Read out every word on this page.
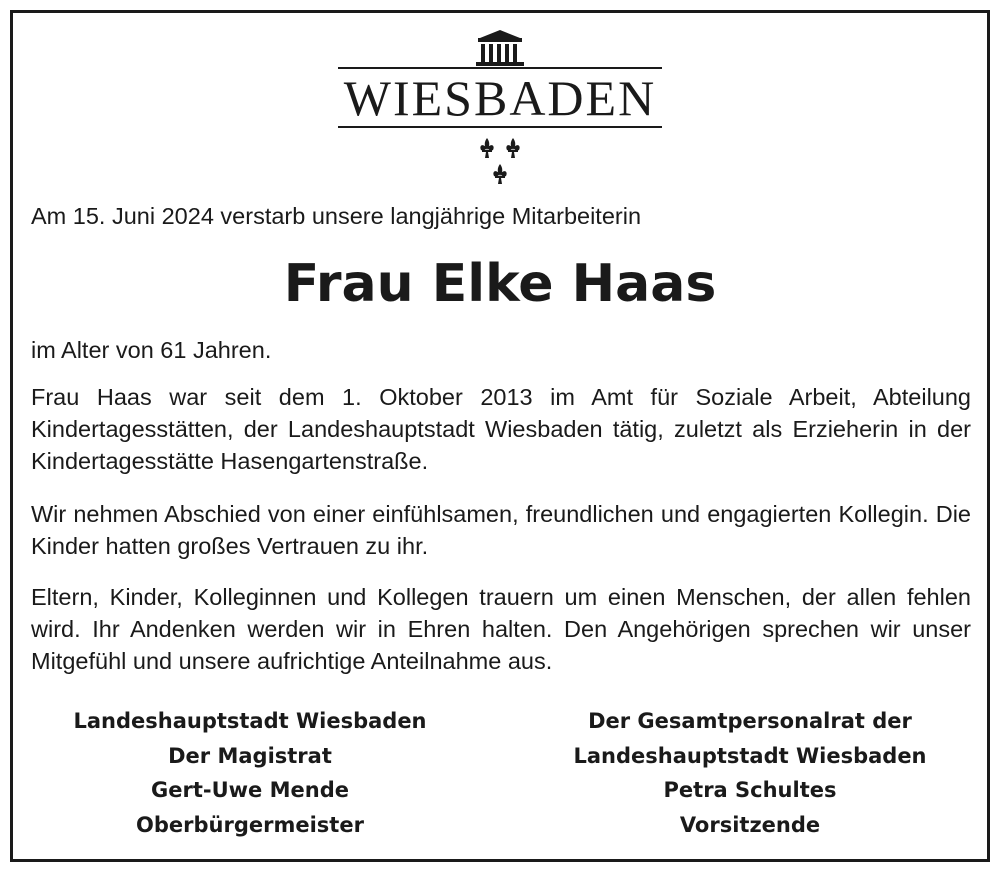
WIESBADEN
Am 15. Juni 2024 verstarb unsere langjährige Mitarbeiterin
Frau Elke Haas
im Alter von 61 Jahren.
Frau Haas war seit dem 1. Oktober 2013 im Amt für Soziale Arbeit, Abteilung Kindertagesstätten, der Landeshauptstadt Wiesbaden tätig, zuletzt als Erzieherin in der Kindertagesstätte Hasengartenstraße.
Wir nehmen Abschied von einer einfühlsamen, freundlichen und engagierten Kollegin. Die Kinder hatten großes Vertrauen zu ihr.
Eltern, Kinder, Kolleginnen und Kollegen trauern um einen Menschen, der allen fehlen wird. Ihr Andenken werden wir in Ehren halten. Den Angehörigen sprechen wir unser Mitgefühl und unsere aufrichtige Anteilnahme aus.
Landeshauptstadt Wiesbaden
Der Magistrat
Gert-Uwe Mende
Oberbürgermeister
Der Gesamtpersonalrat der
Landeshauptstadt Wiesbaden
Petra Schultes
Vorsitzende
